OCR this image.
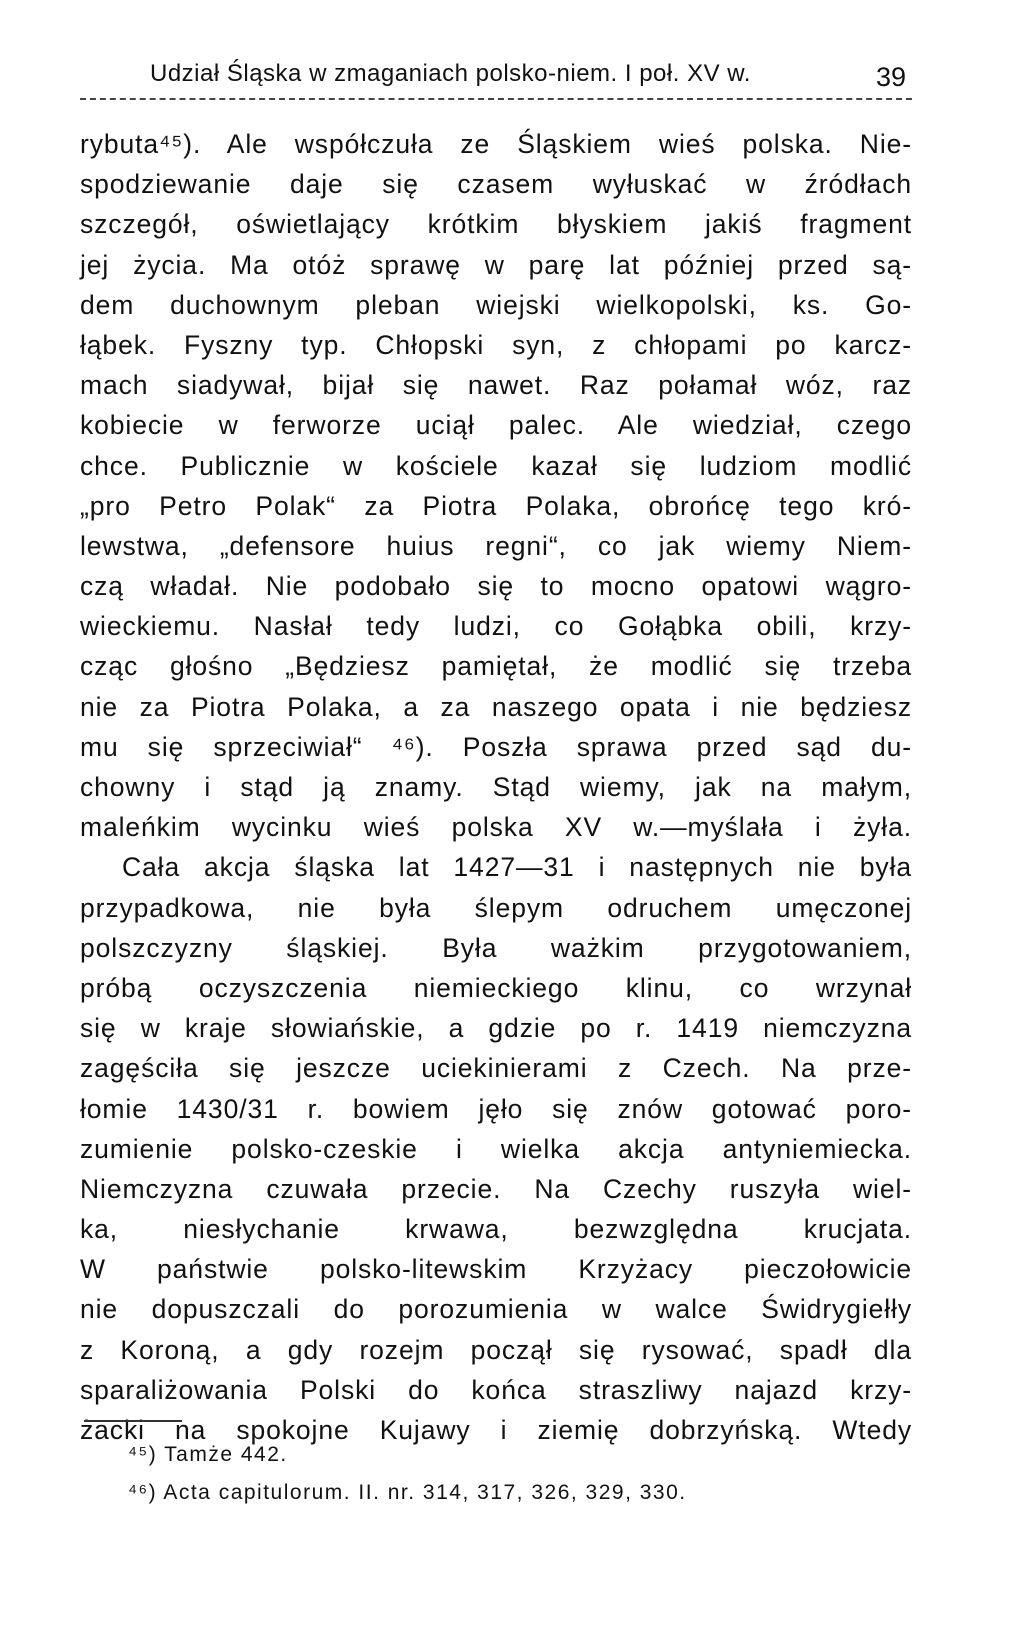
Udział Śląska w zmaganiach polsko-niem. I poł. XV w.	39
rybuta⁴⁵). Ale współczuła ze Śląskiem wieś polska. Nie-
spodziewanie daje się czasem wyłuskać w źródłach
szczegół, oświetlający krótkim błyskiem jakiś fragment
jej życia. Ma otóż sprawę w parę lat później przed są-
dem duchownym pleban wiejski wielkopolski, ks. Go-
łąbek. Fyszny typ. Chłopski syn, z chłopami po karcz-
mach siadywał, bijał się nawet. Raz połamał wóz, raz
kobiecie w ferworze uciął palec. Ale wiedział, czego
chce. Publicznie w kościele kazał się ludziom modlić
„pro Petro Polak“ za Piotra Polaka, obrońcę tego kró-
lewstwa, „defensore huius regni“, co jak wiemy Niem-
czą władał. Nie podobało się to mocno opatowi wągro-
wieckiemu. Nasłał tedy ludzi, co Gołąbka obili, krzy-
cząc głośno „Będziesz pamiętał, że modlić się trzeba
nie za Piotra Polaka, a za naszego opata i nie będziesz
mu się sprzeciwiał“ ⁴⁶). Poszła sprawa przed sąd du-
chowny i stąd ją znamy. Stąd wiemy, jak na małym,
maleńkim wycinku wieś polska XV w.—myślała i żyła.
Cała akcja śląska lat 1427—31 i następnych nie była
przypadkowa, nie była ślepym odruchem umęczonej
polszczyzny śląskiej. Była ważkim przygotowaniem,
próbą oczyszczenia niemieckiego klinu, co wrzynał
się w kraje słowiańskie, a gdzie po r. 1419 niemczyzna
zagęściła się jeszcze uciekinierami z Czech. Na prze-
łomie 1430/31 r. bowiem jęło się znów gotować poro-
zumienie polsko-czeskie i wielka akcja antyniemiecka.
Niemczyzna czuwała przecie. Na Czechy ruszyła wiel-
ka, niesłychanie krwawa, bezwzględna krucjata.
W państwie polsko-litewskim Krzyżacy pieczołowicie
nie dopuszczali do porozumienia w walce Świdrygiełły
z Koroną, a gdy rozejm począł się rysować, spadł dla
sparaliżowania Polski do końca straszliwy najazd krzy-
żacki na spokojne Kujawy i ziemię dobrzyńską. Wtedy
⁴⁵) Tamże 442.
⁴⁶) Acta capitulorum. II. nr. 314, 317, 326, 329, 330.
